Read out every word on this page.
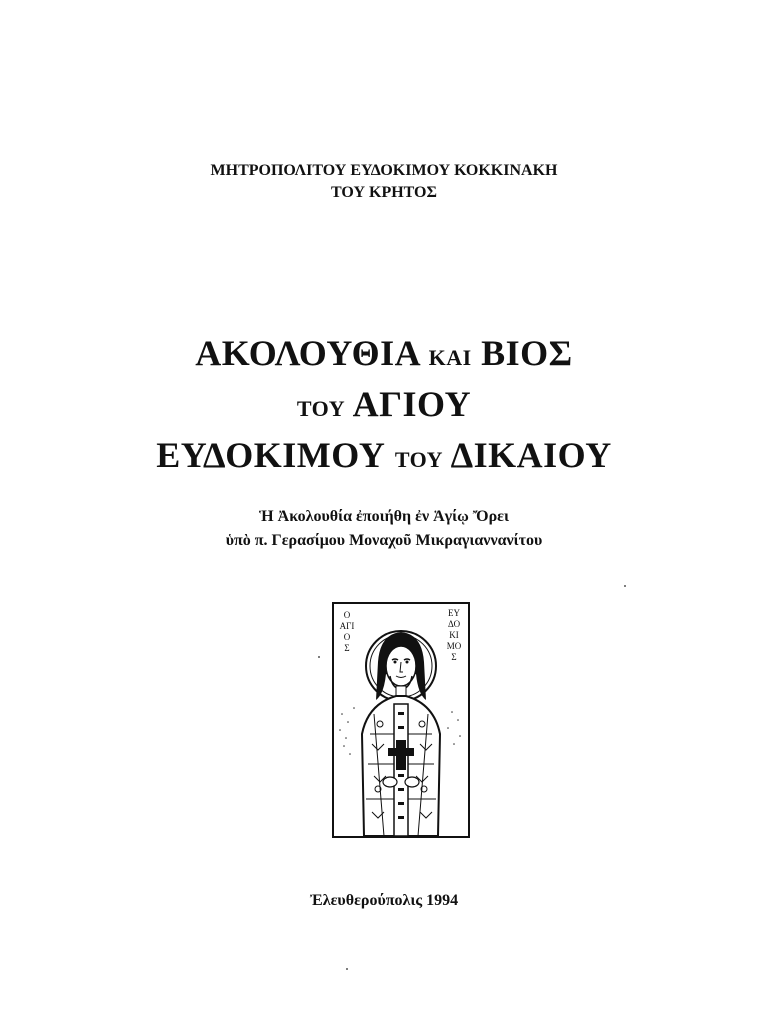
ΜΗΤΡΟΠΟΛΙΤΟΥ ΕΥΔΟΚΙΜΟΥ ΚΟΚΚΙΝΑΚΗ
ΤΟΥ ΚΡΗΤΟΣ
ΑΚΟΛΟΥΘΙΑ ΚΑΙ ΒΙΟΣ
ΤΟΥ ΑΓΙΟΥ
ΕΥΔΟΚΙΜΟΥ ΤΟΥ ΔΙΚΑΙΟΥ
Ἡ Ἀκολουθία ἐποιήθη ἐν Ἁγίῳ Ὄρει
ὑπὸ π. Γερασίμου Μοναχοῦ Μικραγιαννανίτου
Ο
ΑΓΙ
Ο
Σ
ΕΥ
ΔΟ
ΚΙ
ΜΟ
Σ
Ἐλευθερούπολις 1994
